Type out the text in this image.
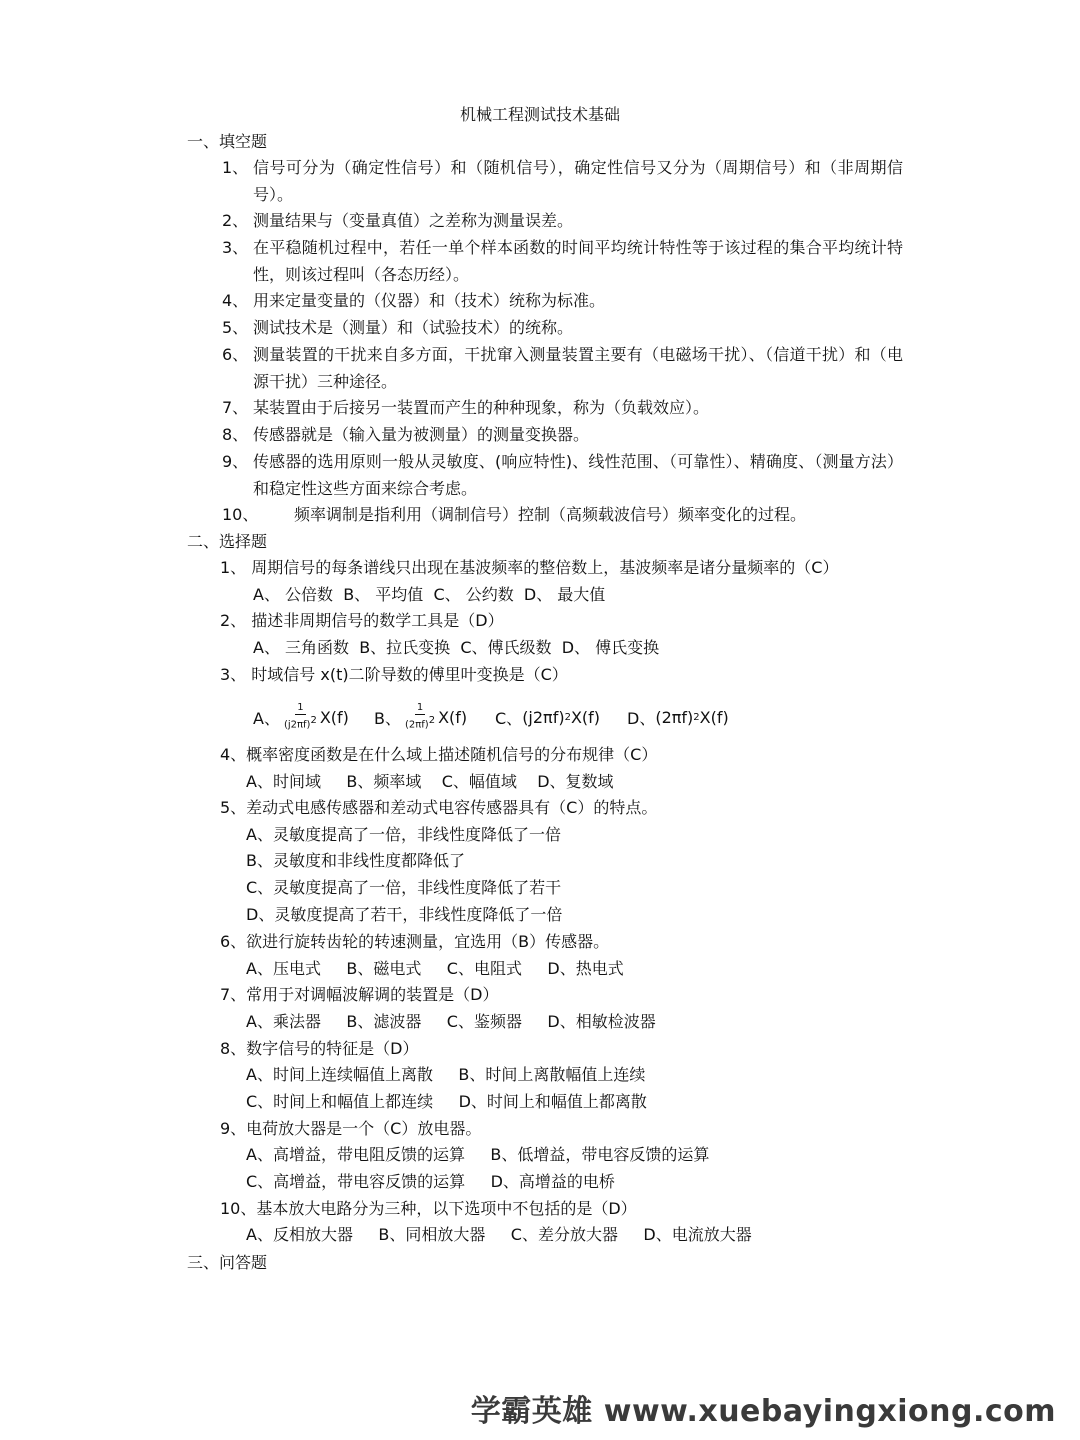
机械工程测试技术基础
一、填空题
1、 信号可分为（确定性信号）和（随机信号），确定性信号又分为（周期信号）和（非周期信号）。
2、 测量结果与（变量真值）之差称为测量误差。
3、 在平稳随机过程中，若任一单个样本函数的时间平均统计特性等于该过程的集合平均统计特性，则该过程叫（各态历经）。
4、 用来定量变量的（仪器）和（技术）统称为标准。
5、 测试技术是（测量）和（试验技术）的统称。
6、 测量装置的干扰来自多方面，干扰窜入测量装置主要有（电磁场干扰）、（信道干扰）和（电源干扰）三种途径。
7、 某装置由于后接另一装置而产生的种种现象，称为（负载效应）。
8、 传感器就是（输入量为被测量）的测量变换器。
9、 传感器的选用原则一般从灵敏度、(响应特性)、线性范围、（可靠性）、精确度、（测量方法）和稳定性这些方面来综合考虑。
10、 频率调制是指利用（调制信号）控制（高频载波信号）频率变化的过程。
二、选择题
1、 周期信号的每条谱线只出现在基波频率的整倍数上，基波频率是诸分量频率的（C）
A、 公倍数  B、 平均值  C、 公约数  D、 最大值
2、 描述非周期信号的数学工具是（D）
A、 三角函数  B、拉氏变换  C、傅氏级数  D、 傅氏变换
3、 时域信号 x(t)二阶导数的傅里叶变换是（C）
A、 $\frac{1}{(j2\pi f)^2} X(f)$ B、 $\frac{1}{(2\pi f)^2} X(f)$ C、 (j2πf) 2 X(f) D、 (2πf) 2 X(f)
4、概率密度函数是在什么域上描述随机信号的分布规律（C）
A、时间域     B、频率域    C、幅值域    D、复数域
5、差动式电感传感器和差动式电容传感器具有（C）的特点。
A、灵敏度提高了一倍，非线性度降低了一倍
B、灵敏度和非线性度都降低了
C、灵敏度提高了一倍，非线性度降低了若干
D、灵敏度提高了若干，非线性度降低了一倍
6、欲进行旋转齿轮的转速测量，宜选用（B）传感器。
A、压电式     B、磁电式     C、电阻式     D、热电式
7、常用于对调幅波解调的装置是（D）
A、乘法器     B、滤波器     C、鉴频器     D、相敏检波器
8、数字信号的特征是（D）
A、时间上连续幅值上离散     B、时间上离散幅值上连续
C、时间上和幅值上都连续     D、时间上和幅值上都离散
9、电荷放大器是一个（C）放电器。
A、高增益，带电阻反馈的运算     B、低增益，带电容反馈的运算
C、高增益，带电容反馈的运算     D、高增益的电桥
10、基本放大电路分为三种，以下选项中不包括的是（D）
A、反相放大器     B、同相放大器     C、差分放大器     D、电流放大器
三、问答题
学霸英雄 www.xuebayingxiong.com
